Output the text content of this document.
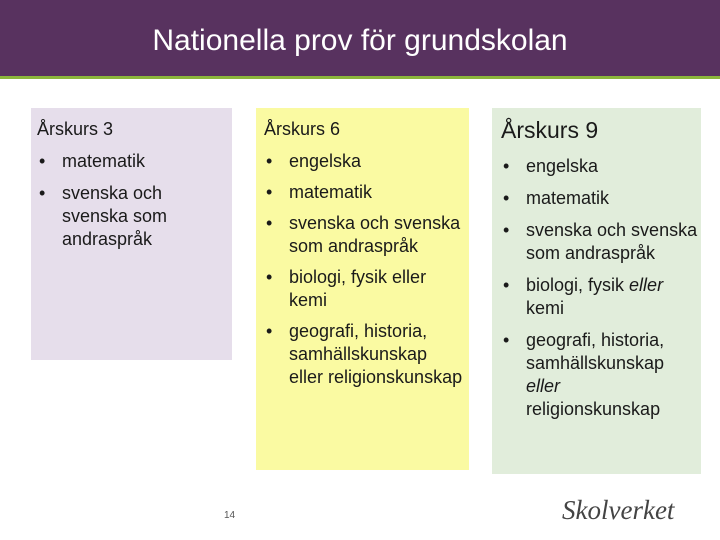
Nationella prov för grundskolan
Årskurs 3
• matematik
• svenska och svenska som andraspråk
Årskurs 6
• engelska
• matematik
• svenska och svenska som andraspråk
• biologi, fysik eller kemi
• geografi, historia, samhällskunskap eller religionskunskap
Årskurs 9
• engelska
• matematik
• svenska och svenska som andraspråk
• biologi, fysik eller kemi
• geografi, historia, samhällskunskap eller religionskunskap
14	Skolverket
